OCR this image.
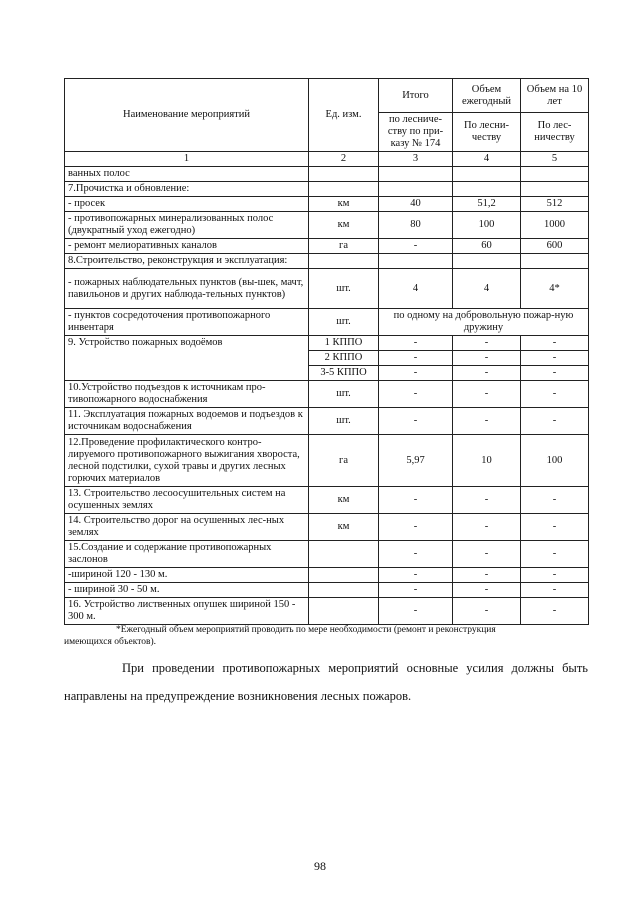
Наименование мероприятий	Ед. изм.	Итого	Объем ежегодный	Объем на 10 лет
		по лесниче-ству по при-казу № 174	По лесни-честву	По лес-ничеству
1	2	3	4	5
ванных полос				
7.Прочистка и обновление:				
- просек	км	40	51,2	512
- противопожарных минерализованных полос (двукратный уход ежегодно)	км	80	100	1000
- ремонт мелиоративных каналов	га	-	60	600
8.Строительство, реконструкция и эксплуатация:				
- пожарных наблюдательных пунктов (вы-шек, мачт, павильонов и других наблюда-тельных пунктов)	шт.	4	4	4*
- пунктов сосредоточения противопожарного инвентаря	шт.	по одному на добровольную пожар-ную дружину		
9. Устройство пожарных водоёмов	1 КППО	-	-	-
	2 КППО	-	-	-
	3-5 КППО	-	-	-
10.Устройство подъездов к источникам про-тивопожарного водоснабжения	шт.	-	-	-
11. Эксплуатация пожарных водоемов и подъездов к источникам водоснабжения	шт.	-	-	-
12.Проведение профилактического контро-лируемого противопожарного выжигания хвороста, лесной подстилки, сухой травы и других лесных горючих материалов	га	5,97	10	100
13. Строительство лесоосушительных систем на осушенных землях	км	-	-	-
14. Строительство дорог на осушенных лес-ных землях	км	-	-	-
15.Создание и содержание противопожарных заслонов		-	-	-
-шириной 120 - 130 м.		-	-	-
- шириной 30 - 50 м.		-	-	-
16. Устройство лиственных опушек шириной 150 - 300 м.		-	-	-
*Ежегодный объем мероприятий проводить по мере необходимости (ремонт и реконструкция
имеющихся объектов).
При проведении противопожарных мероприятий основные усилия должны быть направлены на предупреждение возникновения лесных пожаров.
98
